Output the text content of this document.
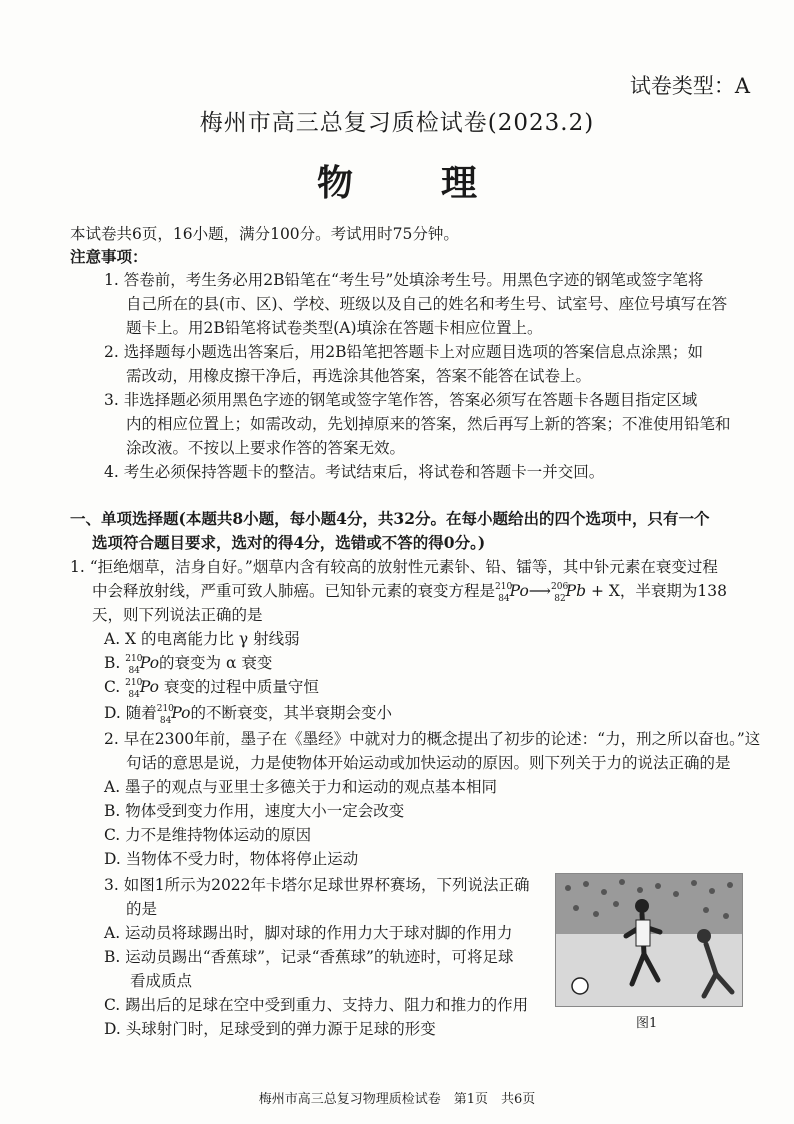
试卷类型：A
梅州市高三总复习质检试卷(2023.2)
物 理
本试卷共6页，16小题，满分100分。考试用时75分钟。
注意事项：
1. 答卷前，考生务必用2B铅笔在“考生号”处填涂考生号。用黑色字迹的钢笔或签字笔将
自己所在的县(市、区)、学校、班级以及自己的姓名和考生号、试室号、座位号填写在答
题卡上。用2B铅笔将试卷类型(A)填涂在答题卡相应位置上。
2. 选择题每小题选出答案后，用2B铅笔把答题卡上对应题目选项的答案信息点涂黑；如
需改动，用橡皮擦干净后，再选涂其他答案，答案不能答在试卷上。
3. 非选择题必须用黑色字迹的钢笔或签字笔作答，答案必须写在答题卡各题目指定区域
内的相应位置上；如需改动，先划掉原来的答案，然后再写上新的答案；不准使用铅笔和
涂改液。不按以上要求作答的答案无效。
4. 考生必须保持答题卡的整洁。考试结束后，将试卷和答题卡一并交回。
一、单项选择题(本题共8小题，每小题4分，共32分。在每小题给出的四个选项中，只有一个
选项符合题目要求，选对的得4分，选错或不答的得0分。)
1. “拒绝烟草，洁身自好。”烟草内含有较高的放射性元素钋、铅、镭等，其中钋元素在衰变过程
中会释放射线，严重可致人肺癌。已知钋元素的衰变方程是$^{210}_{84}$Po⟶$^{206}_{82}$Pb + X，半衰期为138
天，则下列说法正确的是
A. X 的电离能力比 γ 射线弱
B. $^{210}_{84}$Po的衰变为 α 衰变
C. $^{210}_{84}$Po 衰变的过程中质量守恒
D. 随着$^{210}_{84}$Po的不断衰变，其半衰期会变小
2. 早在2300年前，墨子在《墨经》中就对力的概念提出了初步的论述：“力，刑之所以奋也。”这
句话的意思是说，力是使物体开始运动或加快运动的原因。则下列关于力的说法正确的是
A. 墨子的观点与亚里士多德关于力和运动的观点基本相同
B. 物体受到变力作用，速度大小一定会改变
C. 力不是维持物体运动的原因
D. 当物体不受力时，物体将停止运动
3. 如图1所示为2022年卡塔尔足球世界杯赛场，下列说法正确
的是
A. 运动员将球踢出时，脚对球的作用力大于球对脚的作用力
B. 运动员踢出“香蕉球”，记录“香蕉球”的轨迹时，可将足球
看成质点
C. 踢出后的足球在空中受到重力、支持力、阻力和推力的作用
D. 头球射门时，足球受到的弹力源于足球的形变	图1
梅州市高三总复习物理质检试卷　第1页　共6页
